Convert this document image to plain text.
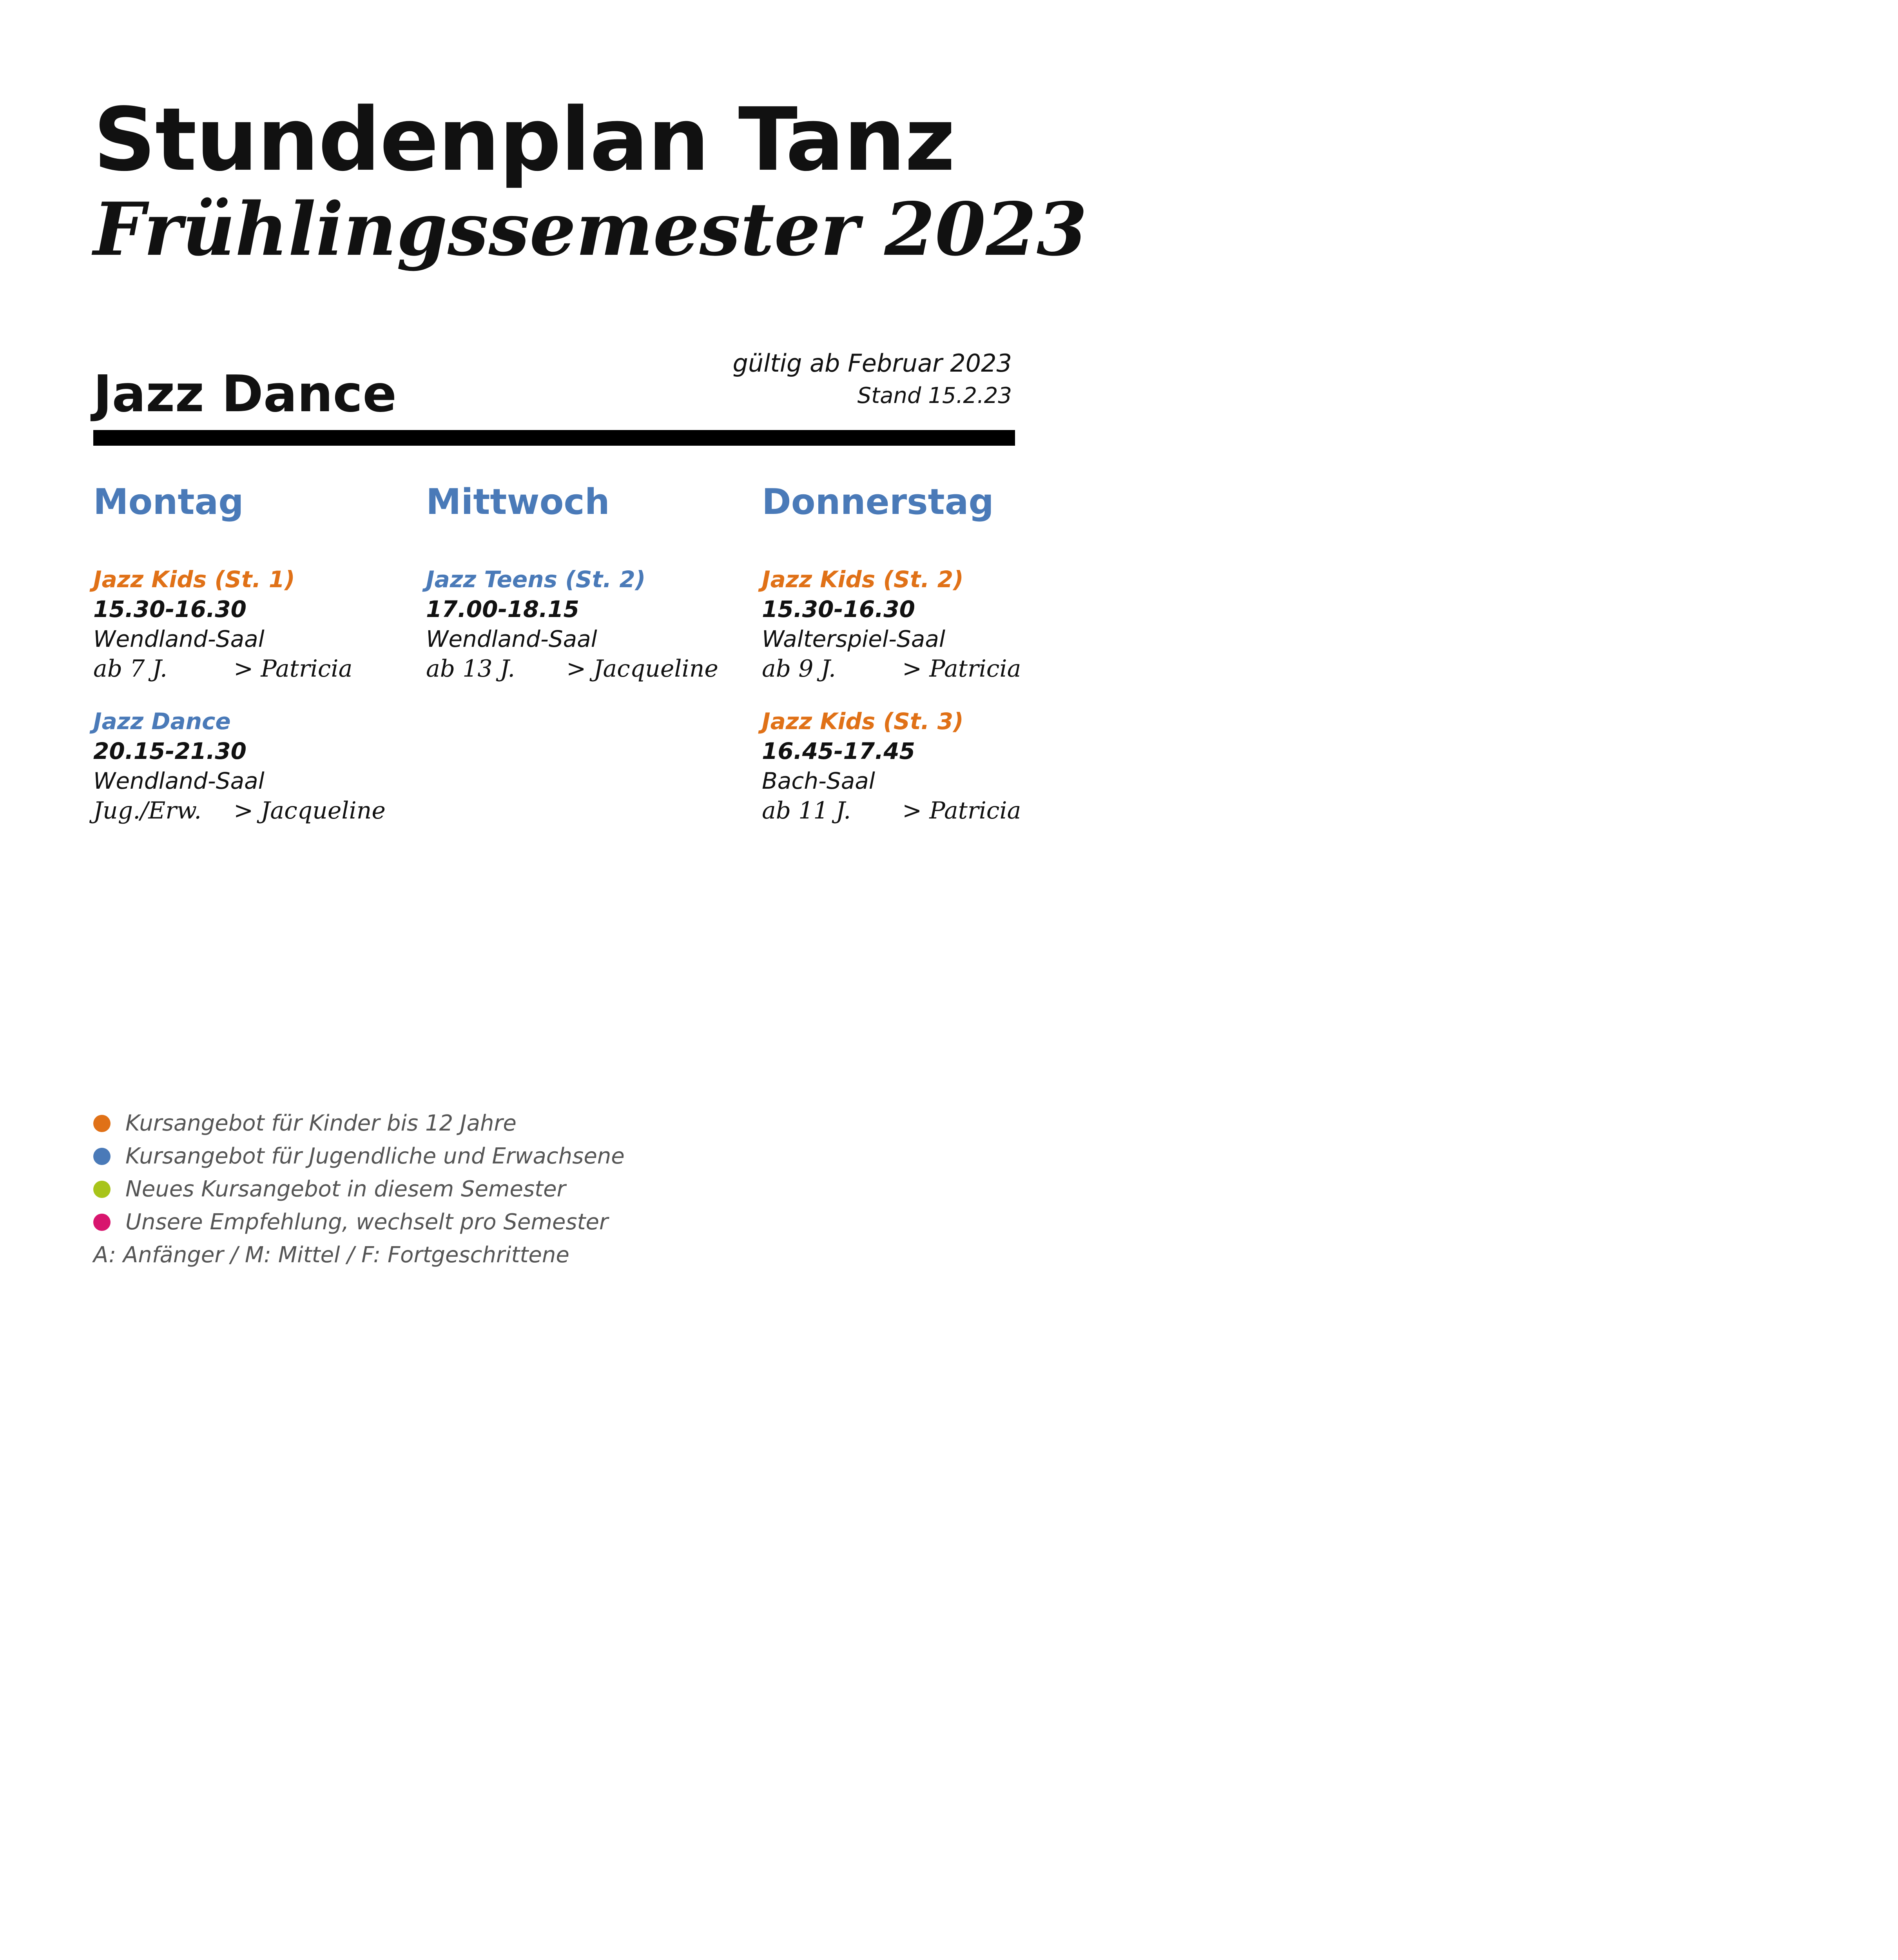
Stundenplan Tanz
Frühlingssemester 2023
Jazz Dance
gültig ab Februar 2023
Stand 15.2.23
Montag
Jazz Kids (St. 1)
15.30-16.30
Wendland-Saal
ab 7 J.	> Patricia
Jazz Dance
20.15-21.30
Wendland-Saal
Jug./Erw. > Jacqueline
Mittwoch
Jazz Teens (St. 2)
17.00-18.15
Wendland-Saal
ab 13 J. > Jacqueline
Donnerstag
Jazz Kids (St. 2)
15.30-16.30
Walterspiel-Saal
ab 9 J.	> Patricia
Jazz Kids (St. 3)
16.45-17.45
Bach-Saal
ab 11 J. > Patricia
Kursangebot für Kinder bis 12 Jahre
Kursangebot für Jugendliche und Erwachsene
Neues Kursangebot in diesem Semester
Unsere Empfehlung, wechselt pro Semester
A: Anfänger / M: Mittel / F: Fortgeschrittene
